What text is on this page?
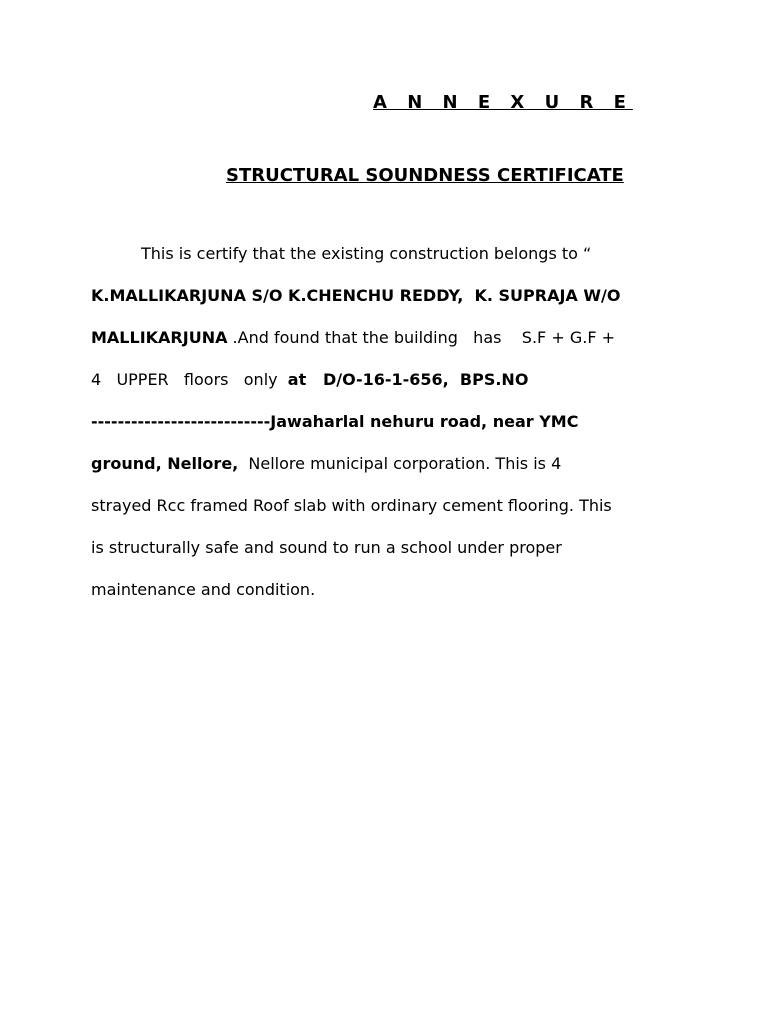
A N N E X U R E
STRUCTURAL SOUNDNESS CERTIFICATE
This is certify that the existing construction belongs to “
K.MALLIKARJUNA S/O K.CHENCHU REDDY,  K. SUPRAJA W/O
MALLIKARJUNA .And found that the building   has    S.F + G.F +
4   UPPER   floors   only  at   D/O-16-1-656,  BPS.NO
---------------------------Jawaharlal nehuru road, near YMC
ground, Nellore,  Nellore municipal corporation. This is 4
strayed Rcc framed Roof slab with ordinary cement flooring. This
is structurally safe and sound to run a school under proper
maintenance and condition.
